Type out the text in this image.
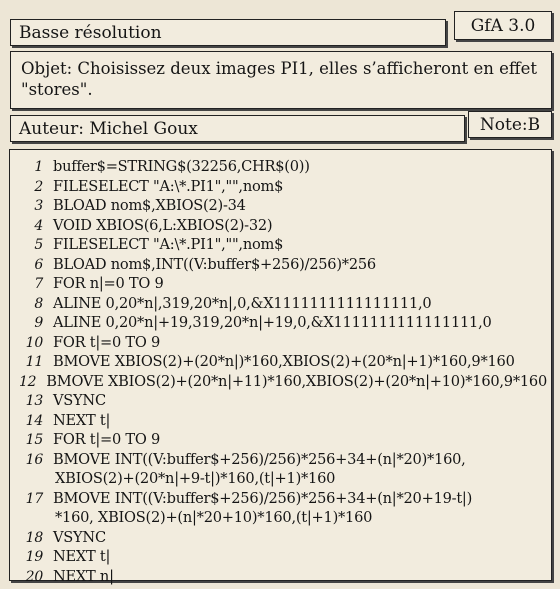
Basse résolution	GfA 3.0
Objet: Choisissez deux images PI1, elles s’afficheront en effet "stores".
Auteur: Michel Goux	Note:B
1 buffer$=STRING$(32256,CHR$(0))
2 FILESELECT "A:\*.PI1","",nom$
3 BLOAD nom$,XBIOS(2)-34
4 VOID XBIOS(6,L:XBIOS(2)-32)
5 FILESELECT "A:\*.PI1","",nom$
6 BLOAD nom$,INT((V:buffer$+256)/256)*256
7 FOR n|=0 TO 9
8 ALINE 0,20*n|,319,20*n|,0,&X1111111111111111,0
9 ALINE 0,20*n|+19,319,20*n|+19,0,&X1111111111111111,0
10 FOR t|=0 TO 9
11 BMOVE XBIOS(2)+(20*n|)*160,XBIOS(2)+(20*n|+1)*160,9*160
12 BMOVE XBIOS(2)+(20*n|+11)*160,XBIOS(2)+(20*n|+10)*160,9*160
13 VSYNC
14 NEXT t|
15 FOR t|=0 TO 9
16 BMOVE INT((V:buffer$+256)/256)*256+34+(n|*20)*160,
XBIOS(2)+(20*n|+9-t|)*160,(t|+1)*160
17 BMOVE INT((V:buffer$+256)/256)*256+34+(n|*20+19-t|)
*160, XBIOS(2)+(n|*20+10)*160,(t|+1)*160
18 VSYNC
19 NEXT t|
20 NEXT n|
